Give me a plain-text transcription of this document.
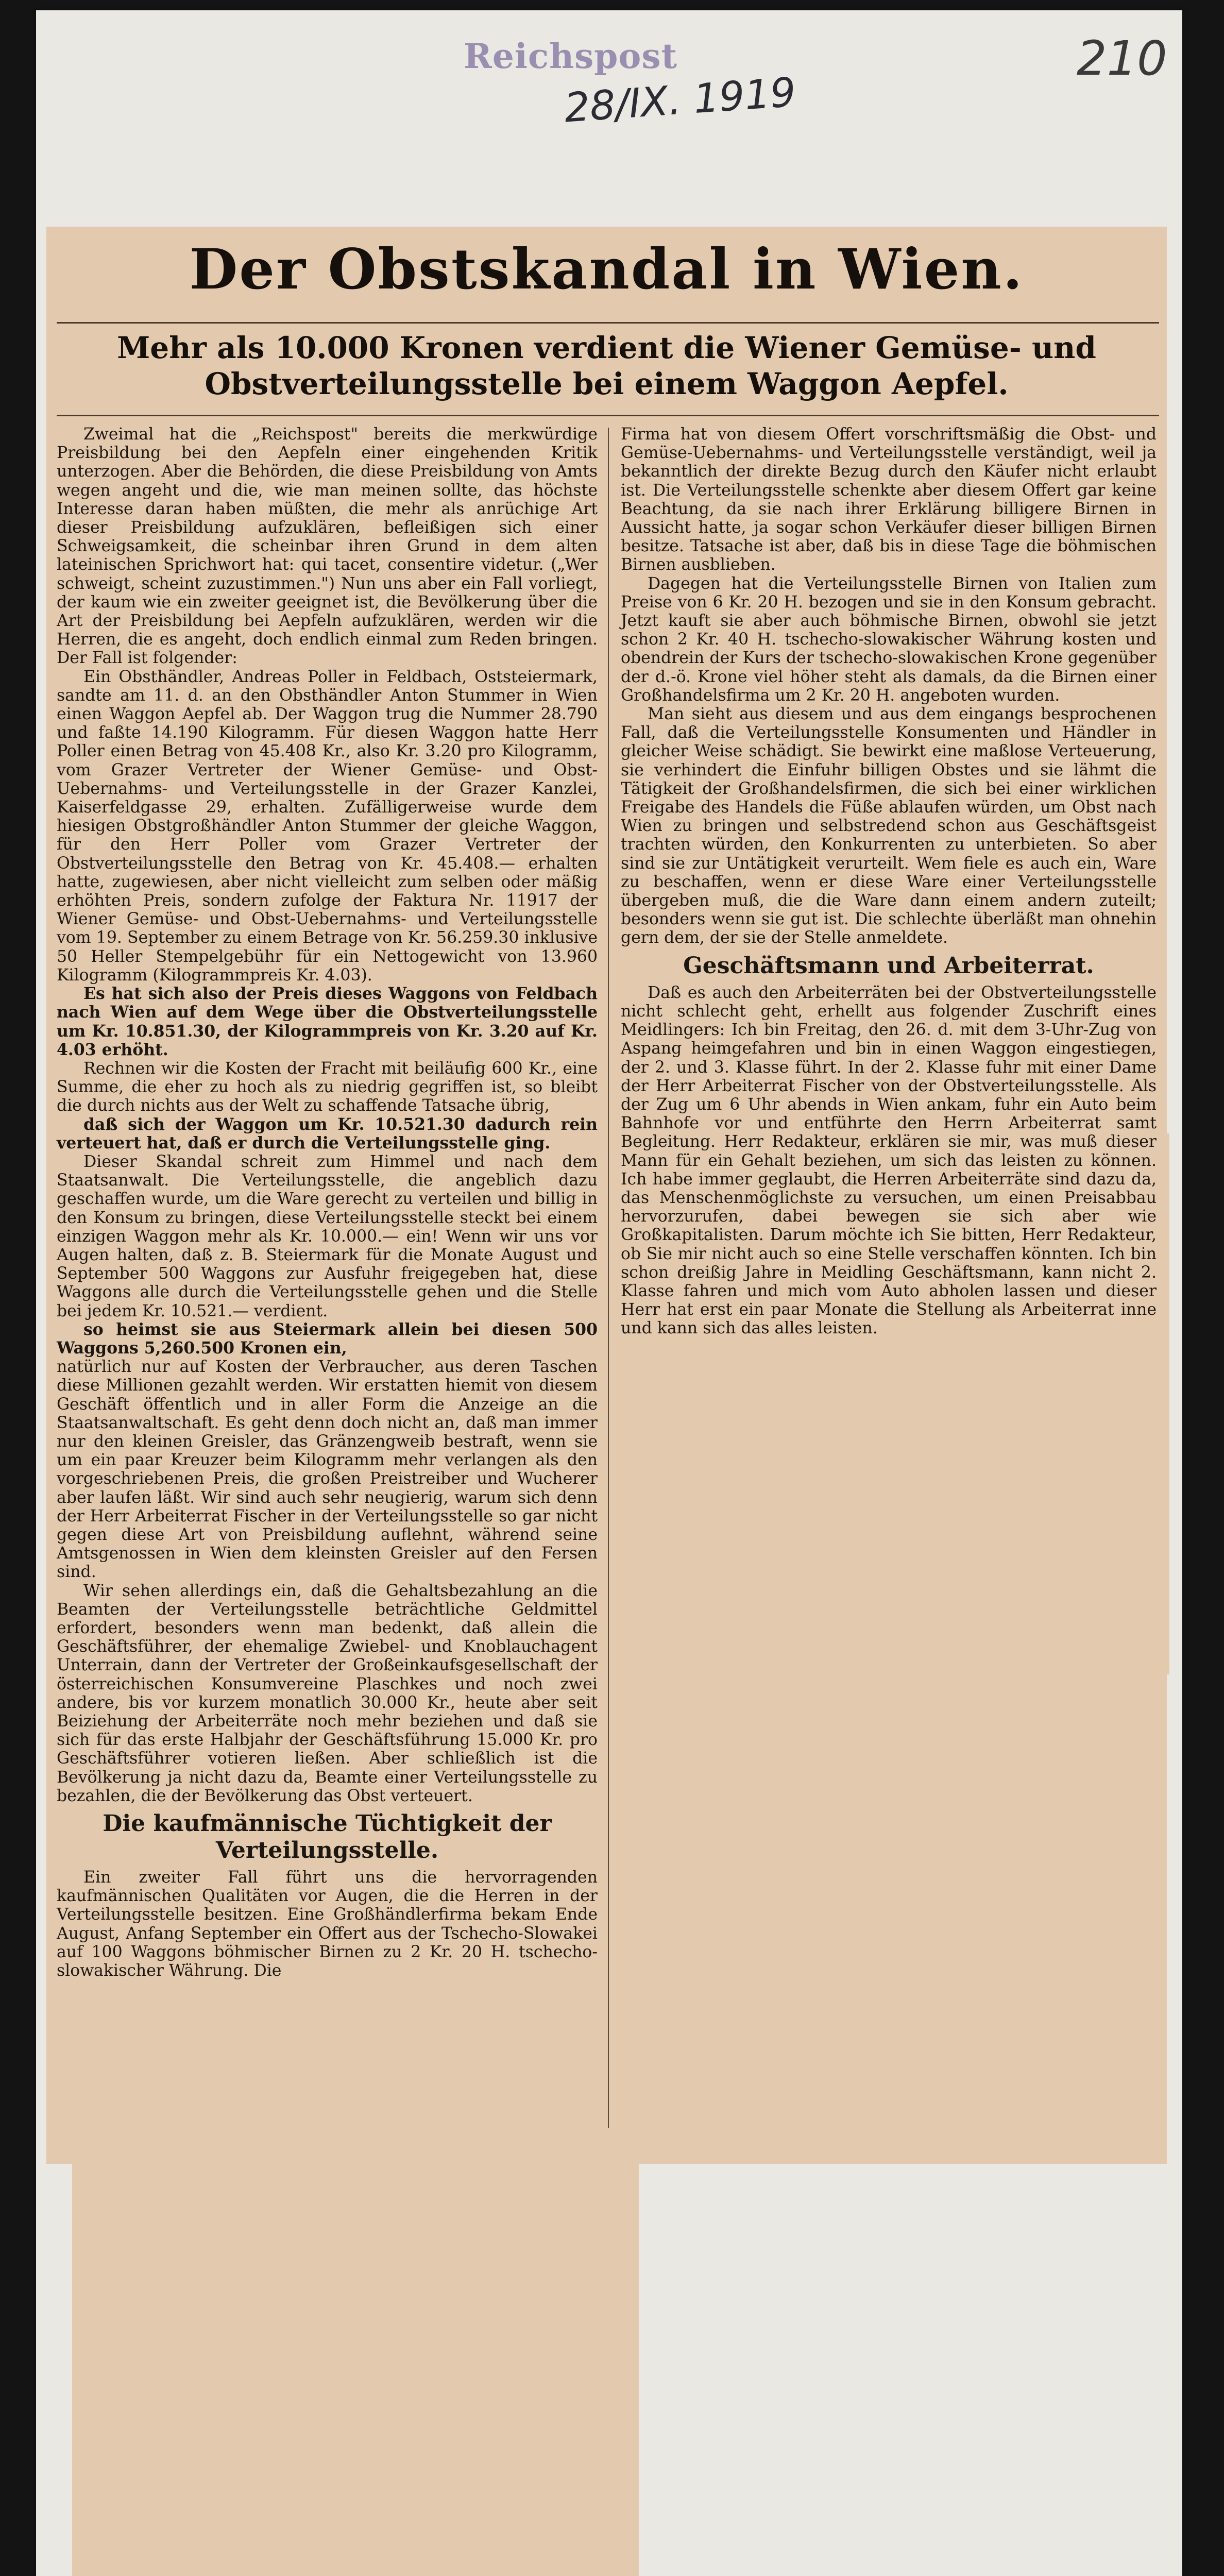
Reichspost
28/IX. 1919
210
Der Obstskandal in Wien.
Mehr als 10.000 Kronen verdient die Wiener Gemüse- und Obstverteilungsstelle bei einem Waggon Aepfel.

Zweimal hat die „Reichspost" bereits die merkwürdige Preisbildung bei den Aepfeln einer eingehenden Kritik unterzogen. Aber die Behörden, die diese Preisbildung von Amts wegen angeht und die, wie man meinen sollte, das höchste Interesse daran haben müßten, die mehr als anrüchige Art dieser Preisbildung aufzuklären, befleißigen sich einer Schweigsamkeit, die scheinbar ihren Grund in dem alten lateinischen Sprichwort hat: qui tacet, consentire videtur. („Wer schweigt, scheint zuzustimmen.") Nun uns aber ein Fall vorliegt, der kaum wie ein zweiter geeignet ist, die Bevölkerung über die Art der Preisbildung bei Aepfeln aufzuklären, werden wir die Herren, die es angeht, doch endlich einmal zum Reden bringen. Der Fall ist folgender:

Ein Obsthändler, Andreas Poller in Feldbach, Oststeiermark, sandte am 11. d. an den Obsthändler Anton Stummer in Wien einen Waggon Aepfel ab. Der Waggon trug die Nummer 28.790 und faßte 14.190 Kilogramm. Für diesen Waggon hatte Herr Poller einen Betrag von 45.408 Kr., also Kr. 3.20 pro Kilogramm, vom Grazer Vertreter der Wiener Gemüse- und Obst-Uebernahms- und Verteilungsstelle in der Grazer Kanzlei, Kaiserfeldgasse 29, erhalten. Zufälligerweise wurde dem hiesigen Obstgroßhändler Anton Stummer der gleiche Waggon, für den Herr Poller vom Grazer Vertreter der Obstverteilungsstelle den Betrag von Kr. 45.408.— erhalten hatte, zugewiesen, aber nicht vielleicht zum selben oder mäßig erhöhten Preis, sondern zufolge der Faktura Nr. 11917 der Wiener Gemüse- und Obst-Uebernahms- und Verteilungsstelle vom 19. September zu einem Betrage von Kr. 56.259.30 inklusive 50 Heller Stempelgebühr für ein Nettogewicht von 13.960 Kilogramm (Kilogrammpreis Kr. 4.03).

Es hat sich also der Preis dieses Waggons von Feldbach nach Wien auf dem Wege über die Obstverteilungsstelle um Kr. 10.851.30, der Kilogrammpreis von Kr. 3.20 auf Kr. 4.03 erhöht.

Rechnen wir die Kosten der Fracht mit beiläufig 600 Kr., eine Summe, die eher zu hoch als zu niedrig gegriffen ist, so bleibt die durch nichts aus der Welt zu schaffende Tatsache übrig,

daß sich der Waggon um Kr. 10.521.30 dadurch rein verteuert hat, daß er durch die Verteilungsstelle ging.

Dieser Skandal schreit zum Himmel und nach dem Staatsanwalt. Die Verteilungsstelle, die angeblich dazu geschaffen wurde, um die Ware gerecht zu verteilen und billig in den Konsum zu bringen, diese Verteilungsstelle steckt bei einem einzigen Waggon mehr als Kr. 10.000.— ein! Wenn wir uns vor Augen halten, daß z. B. Steiermark für die Monate August und September 500 Waggons zur Ausfuhr freigegeben hat, diese Waggons alle durch die Verteilungsstelle gehen und die Stelle bei jedem Kr. 10.521.— verdient.

so heimst sie aus Steiermark allein bei diesen 500 Waggons 5,260.500 Kronen ein,

natürlich nur auf Kosten der Verbraucher, aus deren Taschen diese Millionen gezahlt werden. Wir erstatten hiemit von diesem Geschäft öffentlich und in aller Form die Anzeige an die Staatsanwaltschaft. Es geht denn doch nicht an, daß man immer nur den kleinen Greisler, das Gränzengweib bestraft, wenn sie um ein paar Kreuzer beim Kilogramm mehr verlangen als den vorgeschriebenen Preis, die großen Preistreiber und Wucherer aber laufen läßt. Wir sind auch sehr neugierig, warum sich denn der Herr Arbeiterrat Fischer in der Verteilungsstelle so gar nicht gegen diese Art von Preisbildung auflehnt, während seine Amtsgenossen in Wien dem kleinsten Greisler auf den Fersen sind.

Wir sehen allerdings ein, daß die Gehaltsbezahlung an die Beamten der Verteilungsstelle beträchtliche Geldmittel erfordert, besonders wenn man bedenkt, daß allein die Geschäftsführer, der ehemalige Zwiebel- und Knoblauchagent Unterrain, dann der Vertreter der Großeinkaufsgesellschaft der österreichischen Konsumvereine Plaschkes und noch zwei andere, bis vor kurzem monatlich 30.000 Kr., heute aber seit Beiziehung der Arbeiterräte noch mehr beziehen und daß sie sich für das erste Halbjahr der Geschäftsführung 15.000 Kr. pro Geschäftsführer votieren ließen. Aber schließlich ist die Bevölkerung ja nicht dazu da, Beamte einer Verteilungsstelle zu bezahlen, die der Bevölkerung das Obst verteuert.

Die kaufmännische Tüchtigkeit der Verteilungsstelle.

Ein zweiter Fall führt uns die hervorragenden kaufmännischen Qualitäten vor Augen, die die Herren in der Verteilungsstelle besitzen. Eine Großhändlerfirma bekam Ende August, Anfang September ein Offert aus der Tschecho-Slowakei auf 100 Waggons böhmischer Birnen zu 2 Kr. 20 H. tschecho-slowakischer Währung. Die

Firma hat von diesem Offert vorschriftsmäßig die Obst- und Gemüse-Uebernahms- und Verteilungsstelle verständigt, weil ja bekanntlich der direkte Bezug durch den Käufer nicht erlaubt ist. Die Verteilungsstelle schenkte aber diesem Offert gar keine Beachtung, da sie nach ihrer Erklärung billigere Birnen in Aussicht hatte, ja sogar schon Verkäufer dieser billigen Birnen besitze. Tatsache ist aber, daß bis in diese Tage die böhmischen Birnen ausblieben.

Dagegen hat die Verteilungsstelle Birnen von Italien zum Preise von 6 Kr. 20 H. bezogen und sie in den Konsum gebracht. Jetzt kauft sie aber auch böhmische Birnen, obwohl sie jetzt schon 2 Kr. 40 H. tschecho-slowakischer Währung kosten und obendrein der Kurs der tschecho-slowakischen Krone gegenüber der d.-ö. Krone viel höher steht als damals, da die Birnen einer Großhandelsfirma um 2 Kr. 20 H. angeboten wurden.

Man sieht aus diesem und aus dem eingangs besprochenen Fall, daß die Verteilungsstelle Konsumenten und Händler in gleicher Weise schädigt. Sie bewirkt eine maßlose Verteuerung, sie verhindert die Einfuhr billigen Obstes und sie lähmt die Tätigkeit der Großhandelsfirmen, die sich bei einer wirklichen Freigabe des Handels die Füße ablaufen würden, um Obst nach Wien zu bringen und selbstredend schon aus Geschäftsgeist trachten würden, den Konkurrenten zu unterbieten. So aber sind sie zur Untätigkeit verurteilt. Wem fiele es auch ein, Ware zu beschaffen, wenn er diese Ware einer Verteilungsstelle übergeben muß, die die Ware dann einem andern zuteilt; besonders wenn sie gut ist. Die schlechte überläßt man ohnehin gern dem, der sie der Stelle anmeldete.

Geschäftsmann und Arbeiterrat.

Daß es auch den Arbeiterräten bei der Obstverteilungsstelle nicht schlecht geht, erhellt aus folgender Zuschrift eines Meidlingers: Ich bin Freitag, den 26. d. mit dem 3-Uhr-Zug von Aspang heimgefahren und bin in einen Waggon eingestiegen, der 2. und 3. Klasse führt. In der 2. Klasse fuhr mit einer Dame der Herr Arbeiterrat Fischer von der Obstverteilungsstelle. Als der Zug um 6 Uhr abends in Wien ankam, fuhr ein Auto beim Bahnhofe vor und entführte den Herrn Arbeiterrat samt Begleitung. Herr Redakteur, erklären sie mir, was muß dieser Mann für ein Gehalt beziehen, um sich das leisten zu können. Ich habe immer geglaubt, die Herren Arbeiterräte sind dazu da, das Menschenmöglichste zu versuchen, um einen Preisabbau hervorzurufen, dabei bewegen sie sich aber wie Großkapitalisten. Darum möchte ich Sie bitten, Herr Redakteur, ob Sie mir nicht auch so eine Stelle verschaffen könnten. Ich bin schon dreißig Jahre in Meidling Geschäftsmann, kann nicht 2. Klasse fahren und mich vom Auto abholen lassen und dieser Herr hat erst ein paar Monate die Stellung als Arbeiterrat inne und kann sich das alles leisten.
